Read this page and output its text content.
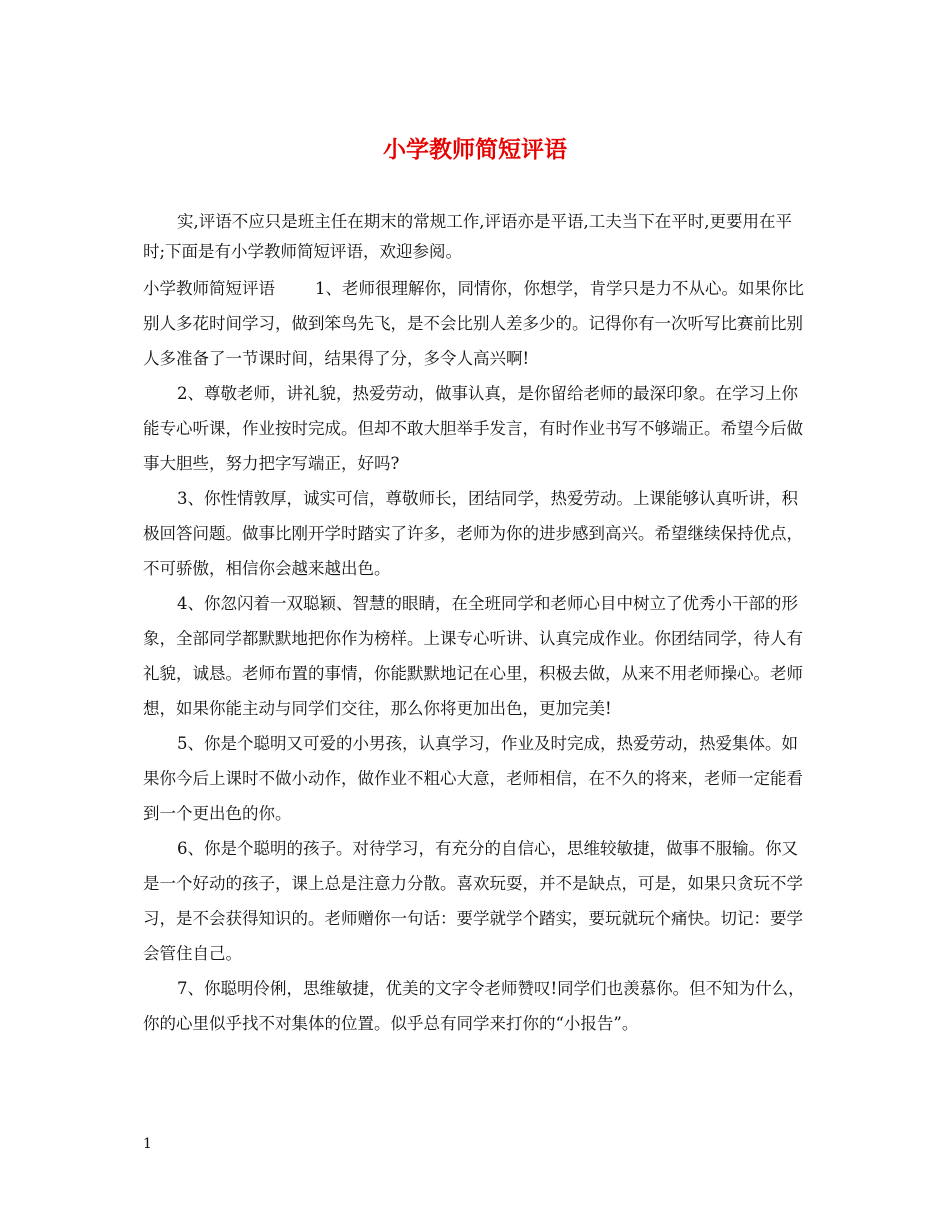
小学教师简短评语

实,评语不应只是班主任在期末的常规工作,评语亦是平语,工夫当下在平时,更要用在平时;下面是有小学教师简短评语，欢迎参阅。

小学教师简短评语 1、老师很理解你，同情你，你想学，肯学只是力不从心。如果你比别人多花时间学习，做到笨鸟先飞，是不会比别人差多少的。记得你有一次听写比赛前比别人多准备了一节课时间，结果得了分，多令人高兴啊!

2、尊敬老师，讲礼貌，热爱劳动，做事认真，是你留给老师的最深印象。在学习上你能专心听课，作业按时完成。但却不敢大胆举手发言，有时作业书写不够端正。希望今后做事大胆些，努力把字写端正，好吗?

3、你性情敦厚，诚实可信，尊敬师长，团结同学，热爱劳动。上课能够认真听讲，积极回答问题。做事比刚开学时踏实了许多，老师为你的进步感到高兴。希望继续保持优点，不可骄傲，相信你会越来越出色。

4、你忽闪着一双聪颖、智慧的眼睛，在全班同学和老师心目中树立了优秀小干部的形象，全部同学都默默地把你作为榜样。上课专心听讲、认真完成作业。你团结同学，待人有礼貌，诚恳。老师布置的事情，你能默默地记在心里，积极去做，从来不用老师操心。老师想，如果你能主动与同学们交往，那么你将更加出色，更加完美!

5、你是个聪明又可爱的小男孩，认真学习，作业及时完成，热爱劳动，热爱集体。如果你今后上课时不做小动作，做作业不粗心大意，老师相信，在不久的将来，老师一定能看到一个更出色的你。

6、你是个聪明的孩子。对待学习，有充分的自信心，思维较敏捷，做事不服输。你又是一个好动的孩子，课上总是注意力分散。喜欢玩耍，并不是缺点，可是，如果只贪玩不学习，是不会获得知识的。老师赠你一句话：要学就学个踏实，要玩就玩个痛快。切记：要学会管住自己。

7、你聪明伶俐，思维敏捷，优美的文字令老师赞叹!同学们也羡慕你。但不知为什么，你的心里似乎找不对集体的位置。似乎总有同学来打你的“小报告”。

1
